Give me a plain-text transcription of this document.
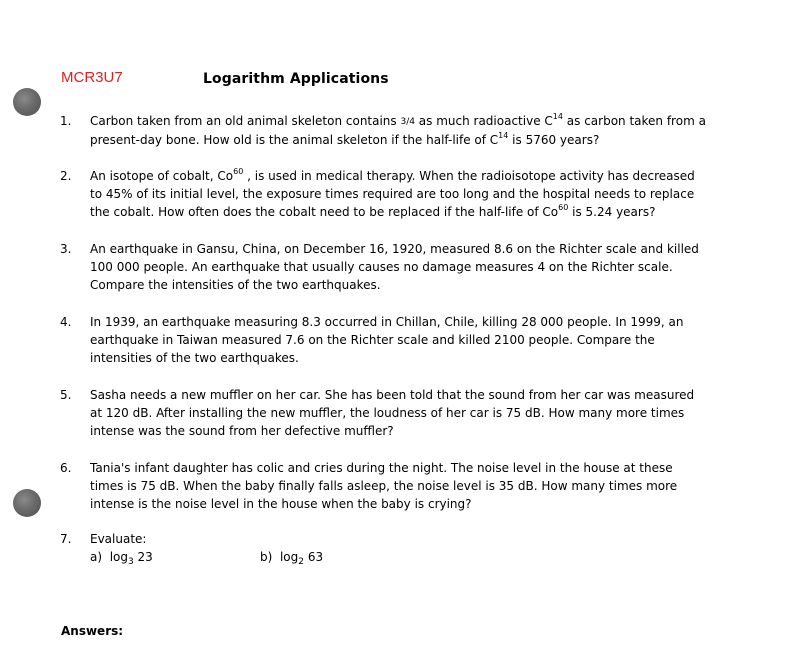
MCR3U7	Logarithm Applications
1.	Carbon taken from an old animal skeleton contains 3/4 as much radioactive $C^{14}$ as carbon taken from a
present-day bone. How old is the animal skeleton if the half-life of $C^{14}$ is 5760 years?
2.	An isotope of cobalt, Co$^{60}$ , is used in medical therapy. When the radioisotope activity has decreased
to 45% of its initial level, the exposure times required are too long and the hospital needs to replace
the cobalt. How often does the cobalt need to be replaced if the half-life of Co$^{60}$ is 5.24 years?
3.	An earthquake in Gansu, China, on December 16, 1920, measured 8.6 on the Richter scale and killed
100 000 people. An earthquake that usually causes no damage measures 4 on the Richter scale.
Compare the intensities of the two earthquakes.
4.	In 1939, an earthquake measuring 8.3 occurred in Chillan, Chile, killing 28 000 people. In 1999, an
earthquake in Taiwan measured 7.6 on the Richter scale and killed 2100 people. Compare the
intensities of the two earthquakes.
5.	Sasha needs a new muffler on her car. She has been told that the sound from her car was measured
at 120 dB. After installing the new muffler, the loudness of her car is 75 dB. How many more times
intense was the sound from her defective muffler?
6.	Tania's infant daughter has colic and cries during the night. The noise level in the house at these
times is 75 dB. When the baby finally falls asleep, the noise level is 35 dB. How many times more
intense is the noise level in the house when the baby is crying?
7.	Evaluate:
a) $\log_3 23$	b) $\log_2 63$
Answers:
